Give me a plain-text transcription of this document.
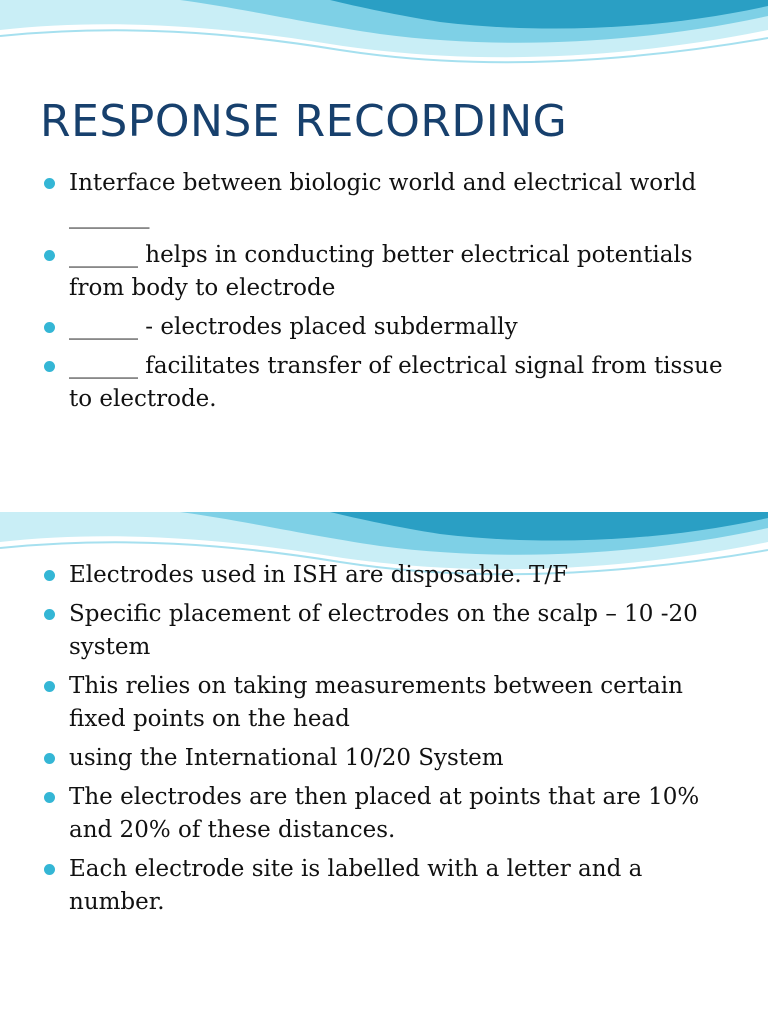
RESPONSE RECORDING
Interface between biologic world and electrical world _______
______ helps in conducting better electrical potentials from body to electrode
______ - electrodes placed subdermally
______ facilitates transfer of electrical signal from tissue to electrode.
Electrodes used in ISH are disposable. T/F
Specific placement of electrodes on the scalp – 10 -20 system
This relies on taking measurements between certain fixed points on the head
using the International 10/20 System
The electrodes are then placed at points that are 10% and 20% of these distances.
Each electrode site is labelled with a letter and a number.
